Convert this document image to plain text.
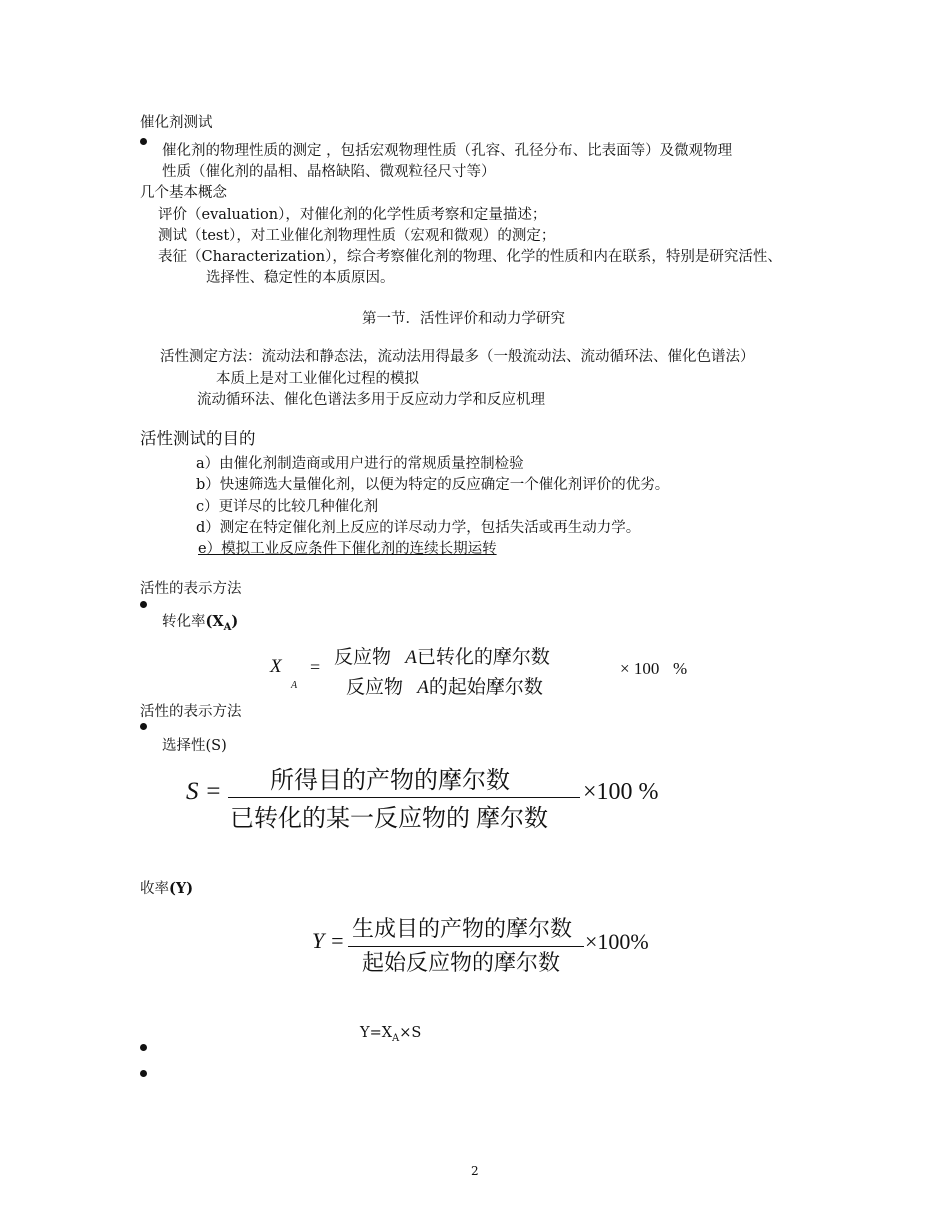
催化剂测试
催化剂的物理性质的测定 ，包括宏观物理性质（孔容、孔径分布、比表面等）及微观物理
性质（催化剂的晶相、晶格缺陷、微观粒径尺寸等）
几个基本概念
评价（evaluation），对催化剂的化学性质考察和定量描述；
测试（test），对工业催化剂物理性质（宏观和微观）的测定；
表征（Characterization），综合考察催化剂的物理、化学的性质和内在联系，特别是研究活性、
选择性、稳定性的本质原因。
第一节．活性评价和动力学研究
活性测定方法：流动法和静态法，流动法用得最多（一般流动法、流动循环法、催化色谱法）
本质上是对工业催化过程的模拟
流动循环法、催化色谱法多用于反应动力学和反应机理
活性测试的目的
a）由催化剂制造商或用户进行的常规质量控制检验
b）快速筛选大量催化剂，以便为特定的反应确定一个催化剂评价的优劣。
c）更详尽的比较几种催化剂
d）测定在特定催化剂上反应的详尽动力学，包括失活或再生动力学。
e）模拟工业反应条件下催化剂的连续长期运转
活性的表示方法
转化率$(X_A)$
X
A
= 反应物 A已转化的摩尔数
反应物 A的起始摩尔数
× 100 %
活性的表示方法
选择性(S)
S = 所得目的产物的摩尔数
已转化的某一反应物的 摩尔数
×100 %
收率(Y)
Y = 生成目的产物的摩尔数
起始反应物的摩尔数
×100%
$Y=X_A\times S$
2
